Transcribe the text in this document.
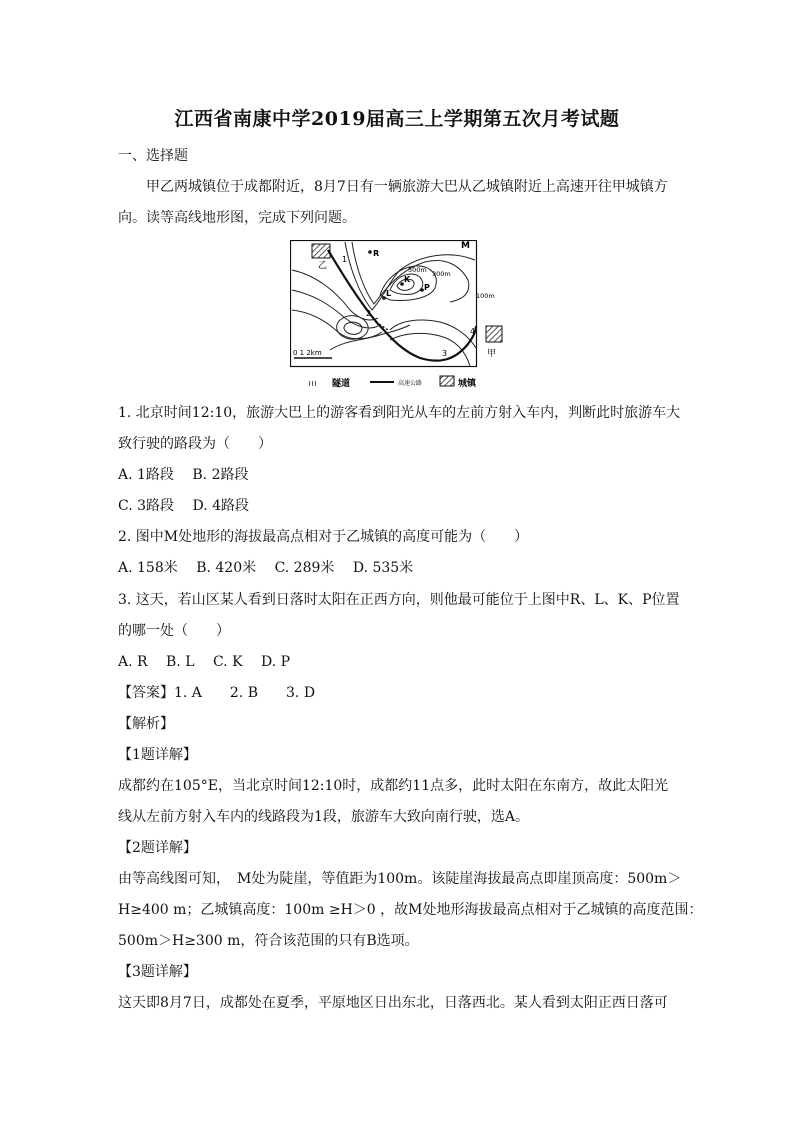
江西省南康中学2019届高三上学期第五次月考试题
一、选择题
甲乙两城镇位于成都附近，8月7日有一辆旅游大巴从乙城镇附近上高速开往甲城镇方
向。读等高线地形图，完成下列问题。
乙
甲
M
R
K
P
L
1
2
3
4
500m 300m
100m
0 1 2km
≀≀≀ 隧道	高速公路	城镇
1. 北京时间12:10，旅游大巴上的游客看到阳光从车的左前方射入车内，判断此时旅游车大
致行驶的路段为（　　）
A. 1路段 B. 2路段
C. 3路段 D. 4路段
2. 图中M处地形的海拔最高点相对于乙城镇的高度可能为（　　）
A. 158米 B. 420米 C. 289米 D. 535米
3. 这天，若山区某人看到日落时太阳在正西方向，则他最可能位于上图中R、L、K、P位置
的哪一处（　　）
A. R B. L C. K D. P
【答案】1. A　　2. B　　3. D
【解析】
【1题详解】
成都约在105°E，当北京时间12:10时，成都约11点多，此时太阳在东南方，故此太阳光
线从左前方射入车内的线路段为1段，旅游车大致向南行驶，选A。
【2题详解】
由等高线图可知，　M处为陡崖，等值距为100m。该陡崖海拔最高点即崖顶高度：500m＞
H≥400 m；乙城镇高度：100m ≥H＞0 ，故M处地形海拔最高点相对于乙城镇的高度范围：
500m＞H≥300 m，符合该范围的只有B选项。
【3题详解】
这天即8月7日，成都处在夏季，平原地区日出东北，日落西北。某人看到太阳正西日落可
